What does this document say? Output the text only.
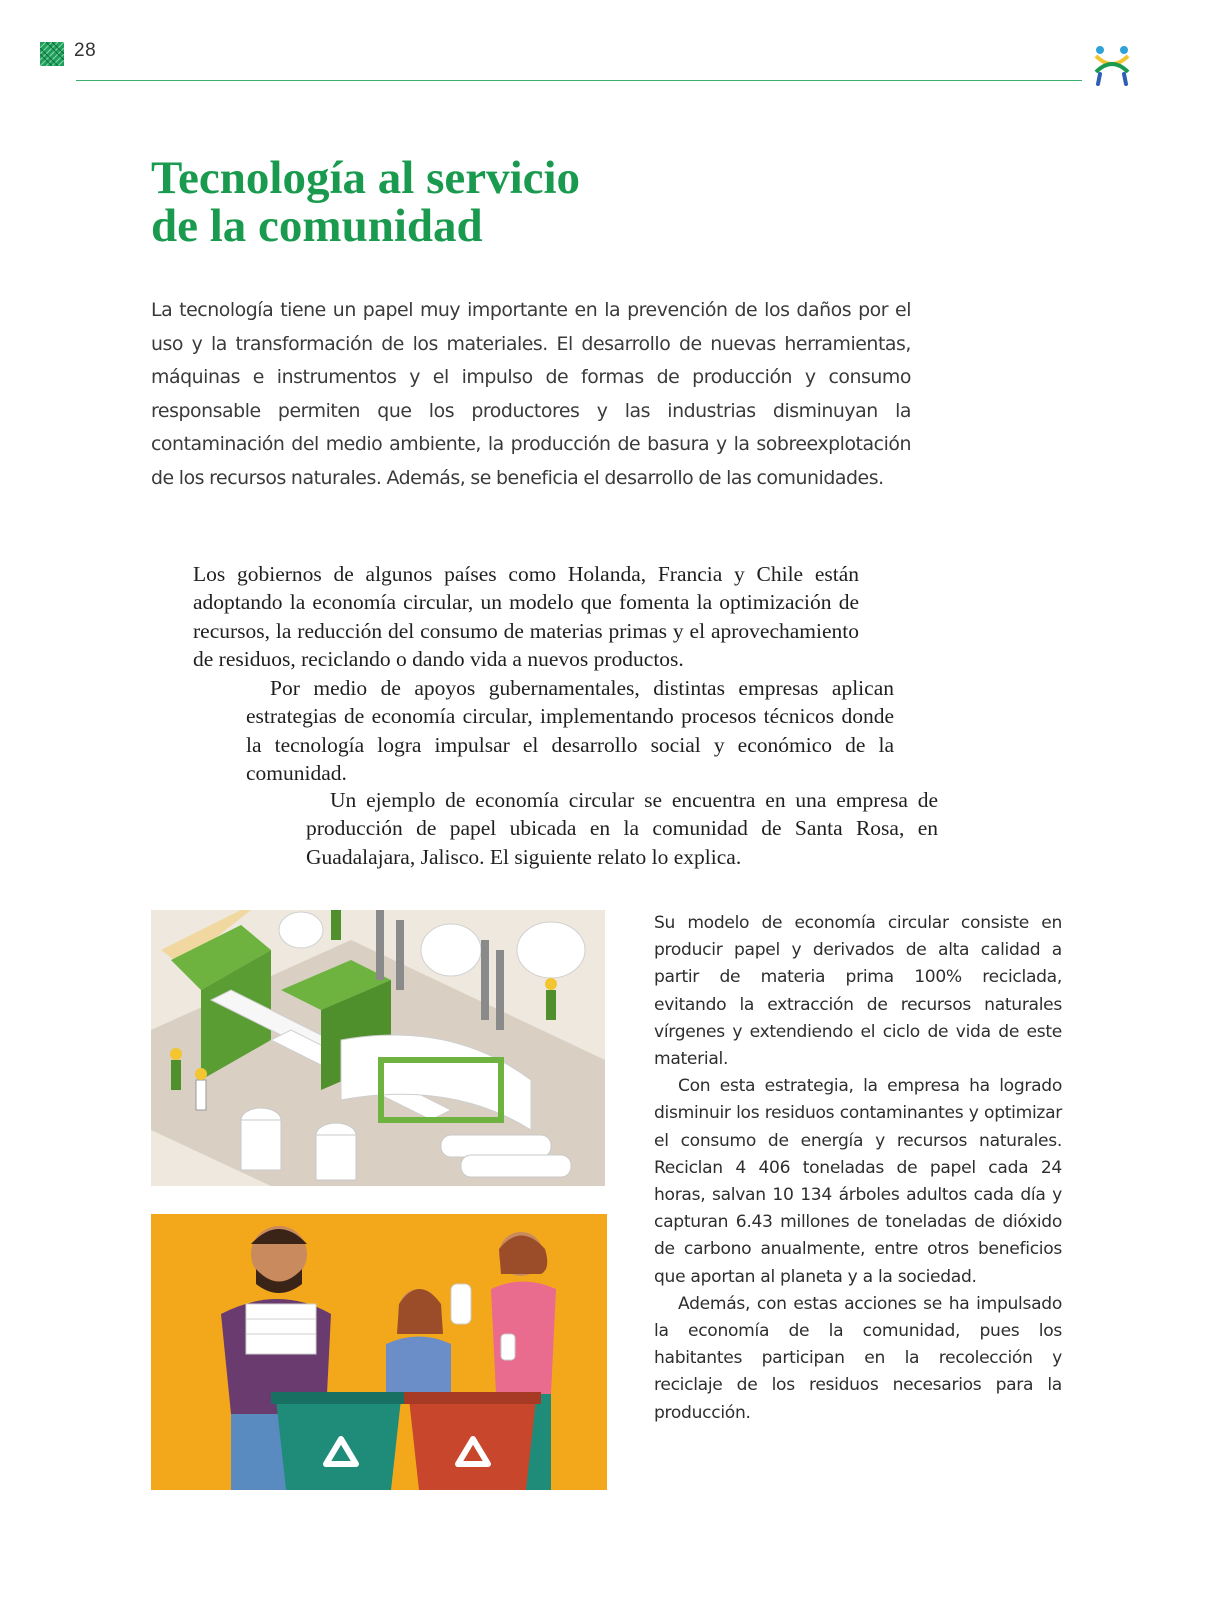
28
Tecnología al servicio
de la comunidad

La tecnología tiene un papel muy importante en la prevención de los daños por el uso y la transformación de los materiales. El desarrollo de nuevas herramientas, máquinas e instrumentos y el impulso de formas de producción y consumo responsable permiten que los productores y las industrias disminuyan la contaminación del medio ambiente, la producción de basura y la sobreexplotación de los recursos naturales. Además, se beneficia el desarrollo de las comunidades.

Los gobiernos de algunos países como Holanda, Francia y Chile están adoptando la economía circular, un modelo que fomenta la optimización de recursos, la reducción del consumo de materias primas y el aprovechamiento de residuos, reciclando o dando vida a nuevos productos.

Por medio de apoyos gubernamentales, distintas empresas aplican estrategias de economía circular, implementando procesos técnicos donde la tecnología logra impulsar el desarrollo social y económico de la comunidad.

Un ejemplo de economía circular se encuentra en una empresa de producción de papel ubicada en la comunidad de Santa Rosa, en Guadalajara, Jalisco. El siguiente relato lo explica.

Su modelo de economía circular consiste en producir papel y derivados de alta calidad a partir de materia prima 100% reciclada, evitando la extracción de recursos naturales vírgenes y extendiendo el ciclo de vida de este material.

Con esta estrategia, la empresa ha logrado disminuir los residuos contaminantes y optimizar el consumo de energía y recursos naturales. Reciclan 4 406 toneladas de papel cada 24 horas, salvan 10 134 árboles adultos cada día y capturan 6.43 millones de toneladas de dióxido de carbono anualmente, entre otros beneficios que aportan al planeta y a la sociedad.

Además, con estas acciones se ha impulsado la economía de la comunidad, pues los habitantes participan en la recolección y reciclaje de los residuos necesarios para la producción.
